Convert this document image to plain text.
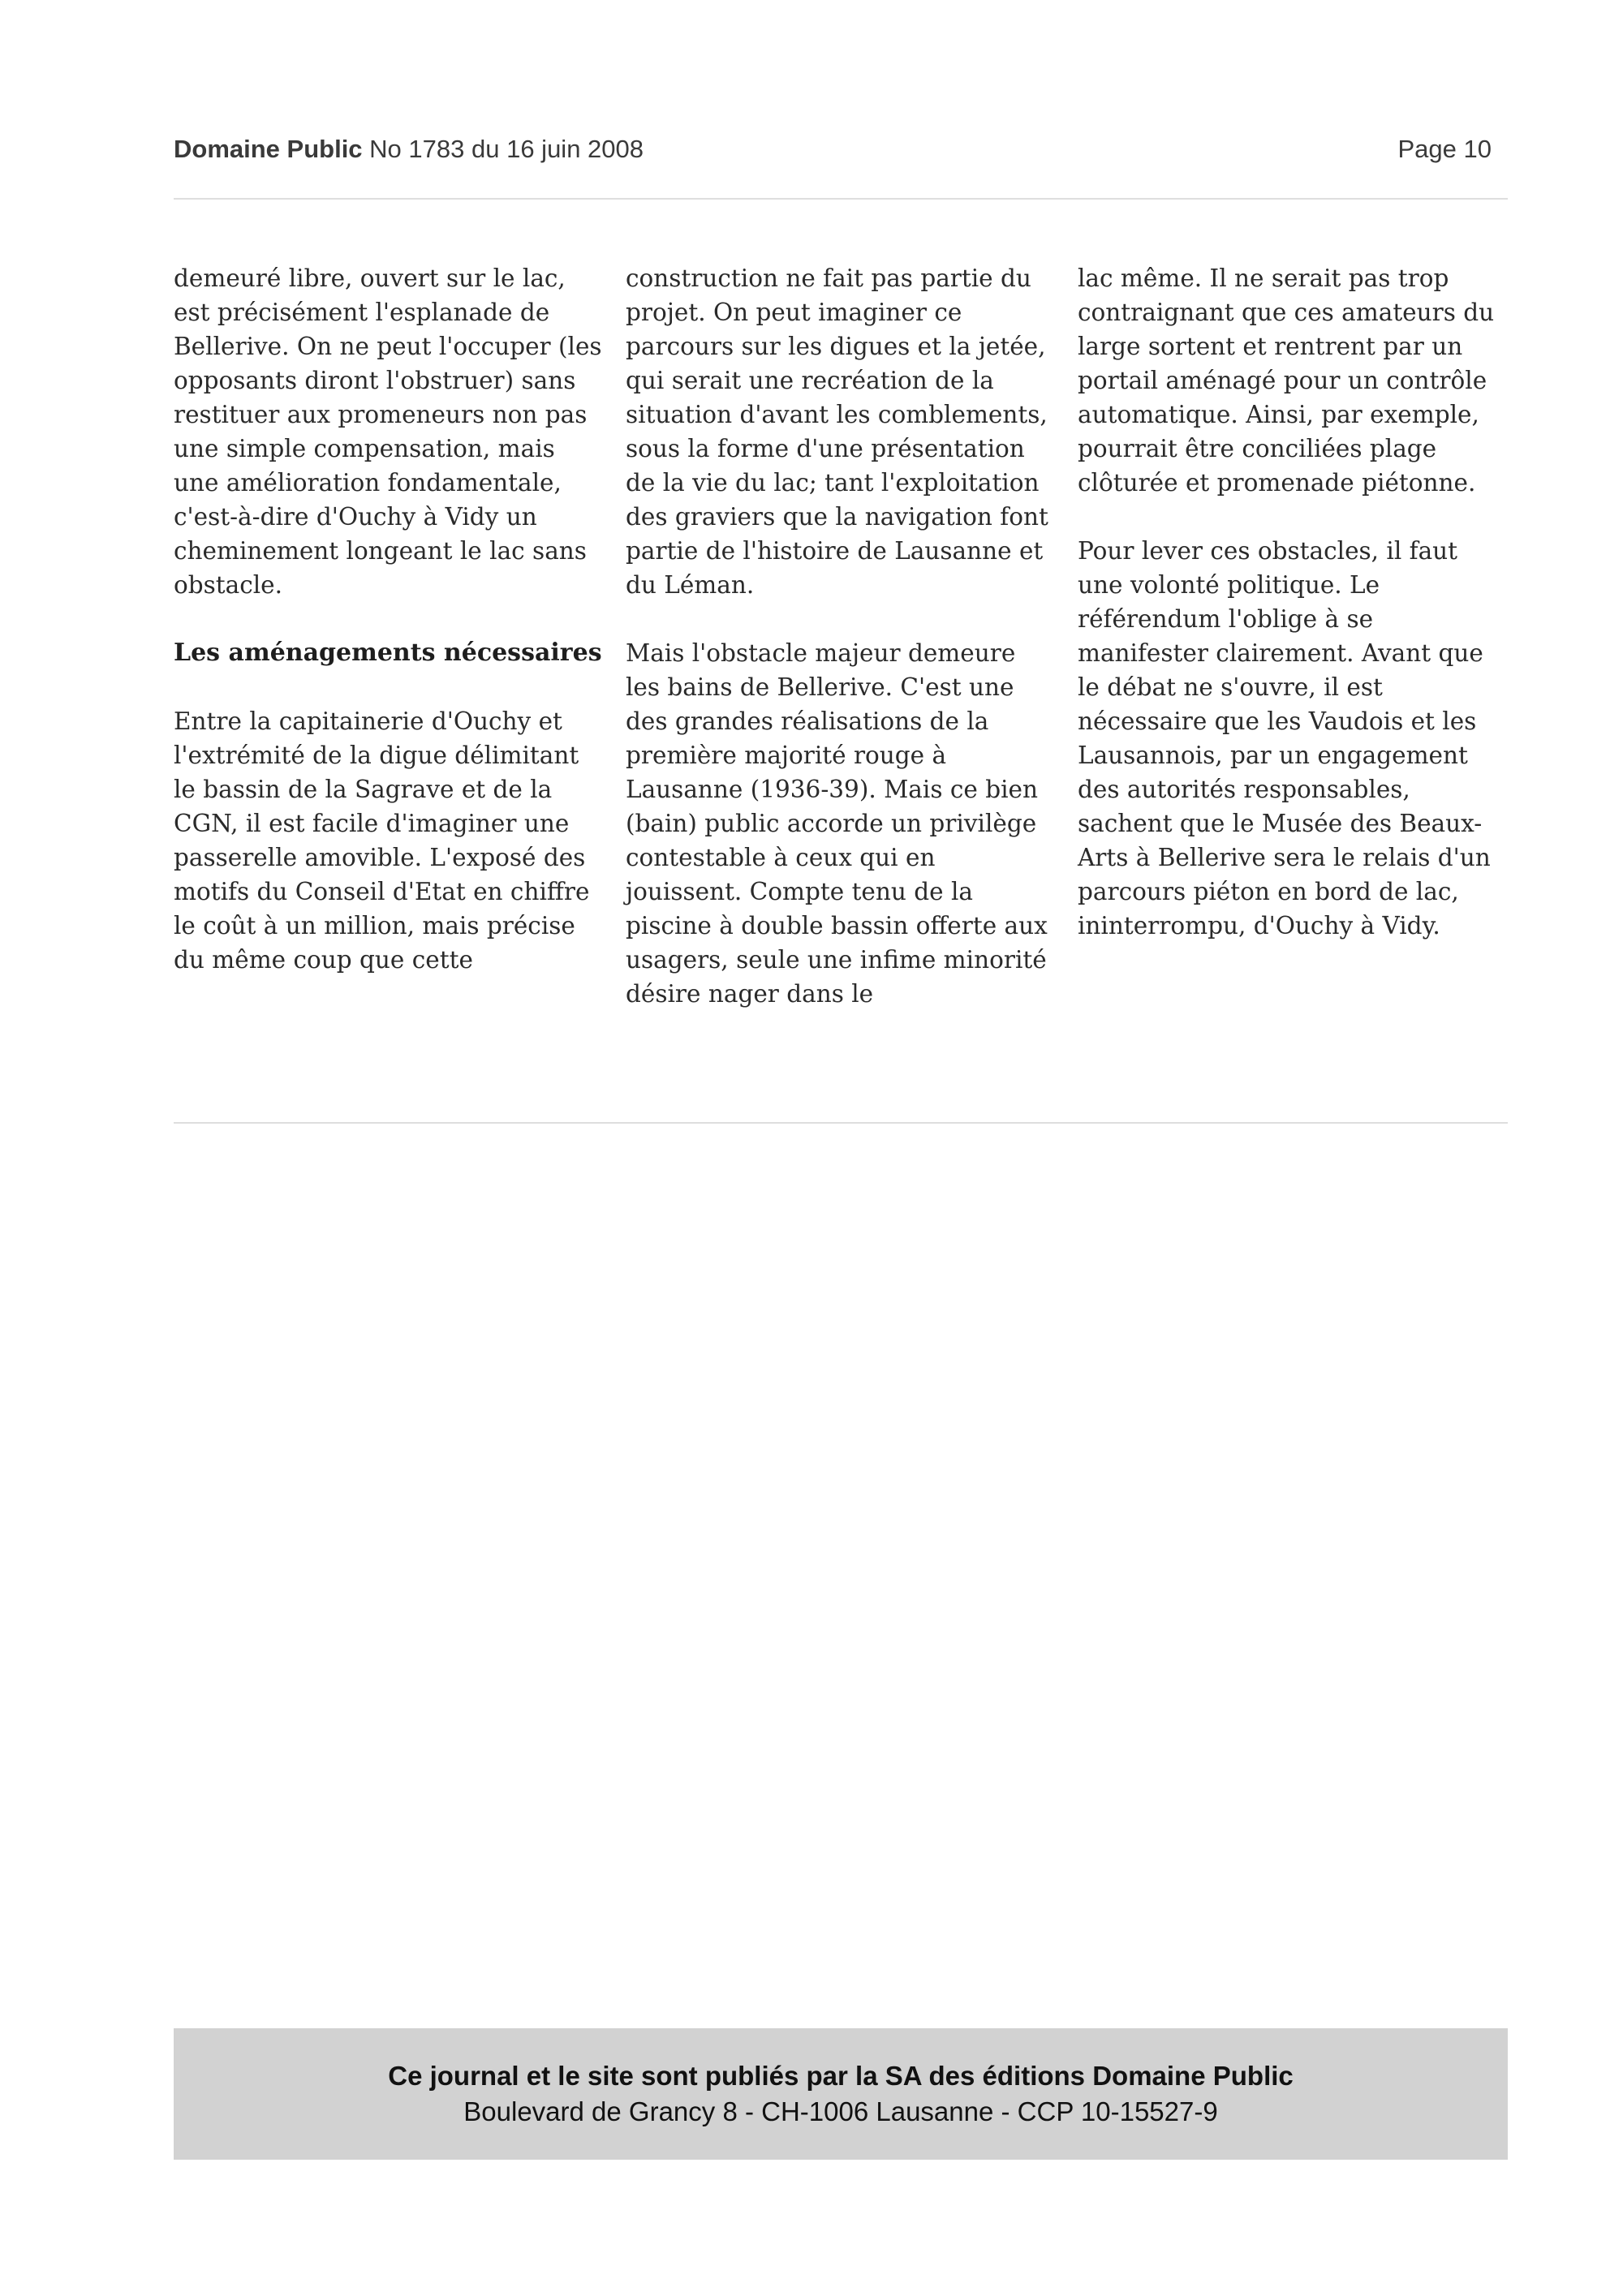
Domaine Public No 1783 du 16 juin 2008	Page 10

demeuré libre, ouvert sur le lac, est précisément l'esplanade de Bellerive. On ne peut l'occuper (les opposants diront l'obstruer) sans restituer aux promeneurs non pas une simple compensation, mais une amélioration fondamentale, c'est-à-dire d'Ouchy à Vidy un cheminement longeant le lac sans obstacle.

Les aménagements nécessaires

Entre la capitainerie d'Ouchy et l'extrémité de la digue délimitant le bassin de la Sagrave et de la CGN, il est facile d'imaginer une passerelle amovible. L'exposé des motifs du Conseil d'Etat en chiffre le coût à un million, mais précise du même coup que cette

construction ne fait pas partie du projet. On peut imaginer ce parcours sur les digues et la jetée, qui serait une recréation de la situation d'avant les comblements, sous la forme d'une présentation de la vie du lac; tant l'exploitation des graviers que la navigation font partie de l'histoire de Lausanne et du Léman.

Mais l'obstacle majeur demeure les bains de Bellerive. C'est une des grandes réalisations de la première majorité rouge à Lausanne (1936-39). Mais ce bien (bain) public accorde un privilège contestable à ceux qui en jouissent. Compte tenu de la piscine à double bassin offerte aux usagers, seule une infime minorité désire nager dans le

lac même. Il ne serait pas trop contraignant que ces amateurs du large sortent et rentrent par un portail aménagé pour un contrôle automatique. Ainsi, par exemple, pourrait être conciliées plage clôturée et promenade piétonne.

Pour lever ces obstacles, il faut une volonté politique. Le référendum l'oblige à se manifester clairement. Avant que le débat ne s'ouvre, il est nécessaire que les Vaudois et les Lausannois, par un engagement des autorités responsables, sachent que le Musée des Beaux-Arts à Bellerive sera le relais d'un parcours piéton en bord de lac, ininterrompu, d'Ouchy à Vidy.

Ce journal et le site sont publiés par la SA des éditions Domaine Public
Boulevard de Grancy 8 - CH-1006 Lausanne - CCP 10-15527-9
